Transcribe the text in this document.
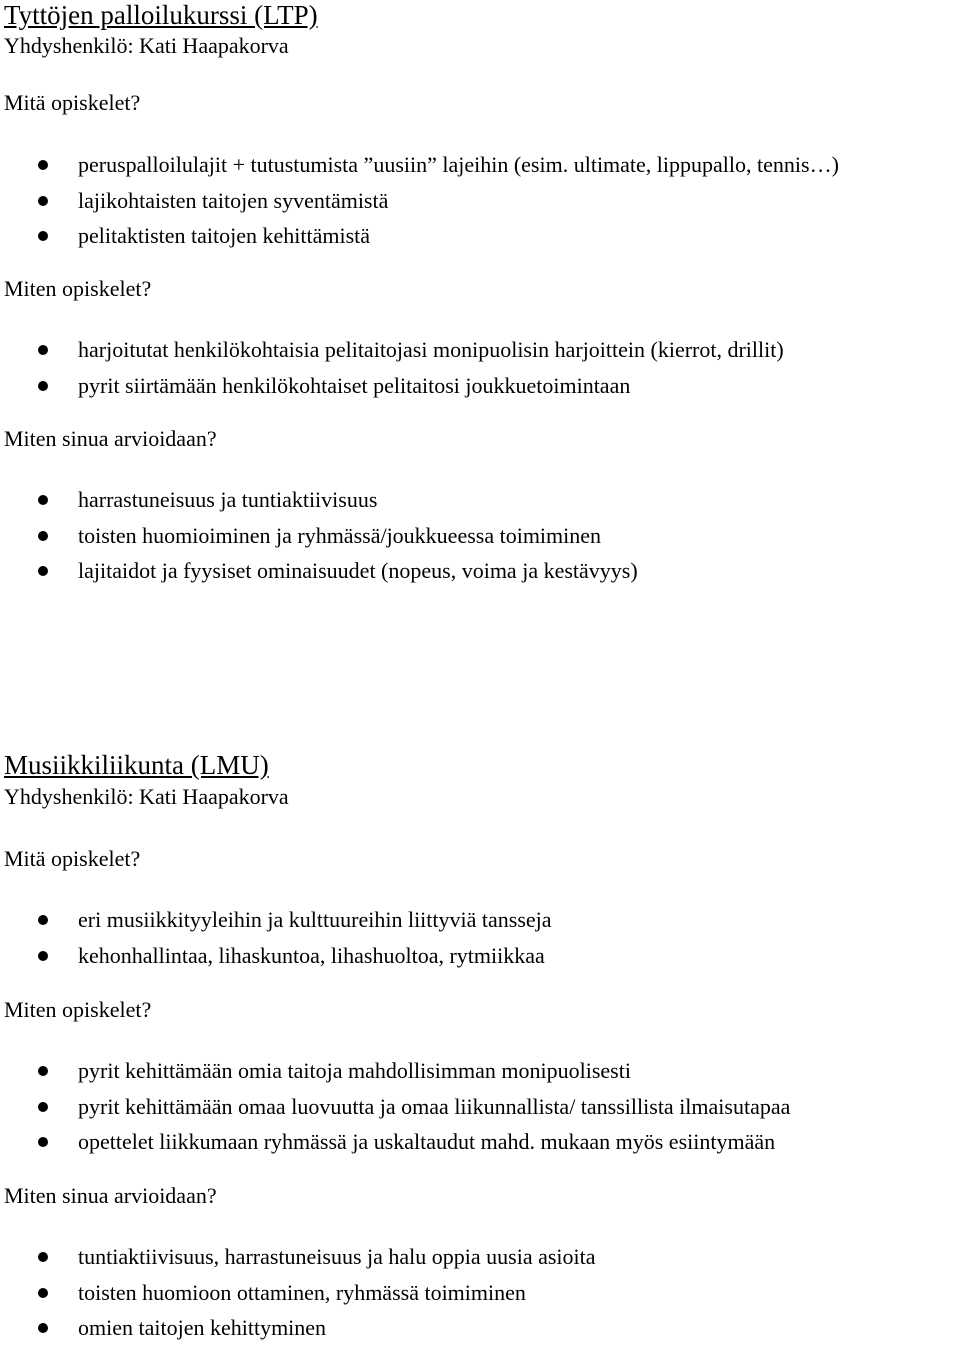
Tyttöjen palloilukurssi (LTP)

Yhdyshenkilö: Kati Haapakorva

Mitä opiskelet?
peruspalloilulajit + tutustumista ”uusiin” lajeihin (esim. ultimate, lippupallo, tennis…)
lajikohtaisten taitojen syventämistä
pelitaktisten taitojen kehittämistä
Miten opiskelet?
harjoitutat henkilökohtaisia pelitaitojasi monipuolisin harjoittein (kierrot, drillit)
pyrit siirtämään henkilökohtaiset pelitaitosi joukkuetoimintaan
Miten sinua arvioidaan?
harrastuneisuus ja tuntiaktiivisuus
toisten huomioiminen ja ryhmässä/joukkueessa toimiminen
lajitaidot ja fyysiset ominaisuudet (nopeus, voima ja kestävyys)
Musiikkiliikunta (LMU)

Yhdyshenkilö: Kati Haapakorva

Mitä opiskelet?
eri musiikkityyleihin ja kulttuureihin liittyviä tansseja
kehonhallintaa, lihaskuntoa, lihashuoltoa, rytmiikkaa
Miten opiskelet?
pyrit kehittämään omia taitoja mahdollisimman monipuolisesti
pyrit kehittämään omaa luovuutta ja omaa liikunnallista/ tanssillista ilmaisutapaa
opettelet liikkumaan ryhmässä ja uskaltaudut mahd. mukaan myös esiintymään
Miten sinua arvioidaan?
tuntiaktiivisuus, harrastuneisuus ja halu oppia uusia asioita
toisten huomioon ottaminen, ryhmässä toimiminen
omien taitojen kehittyminen
